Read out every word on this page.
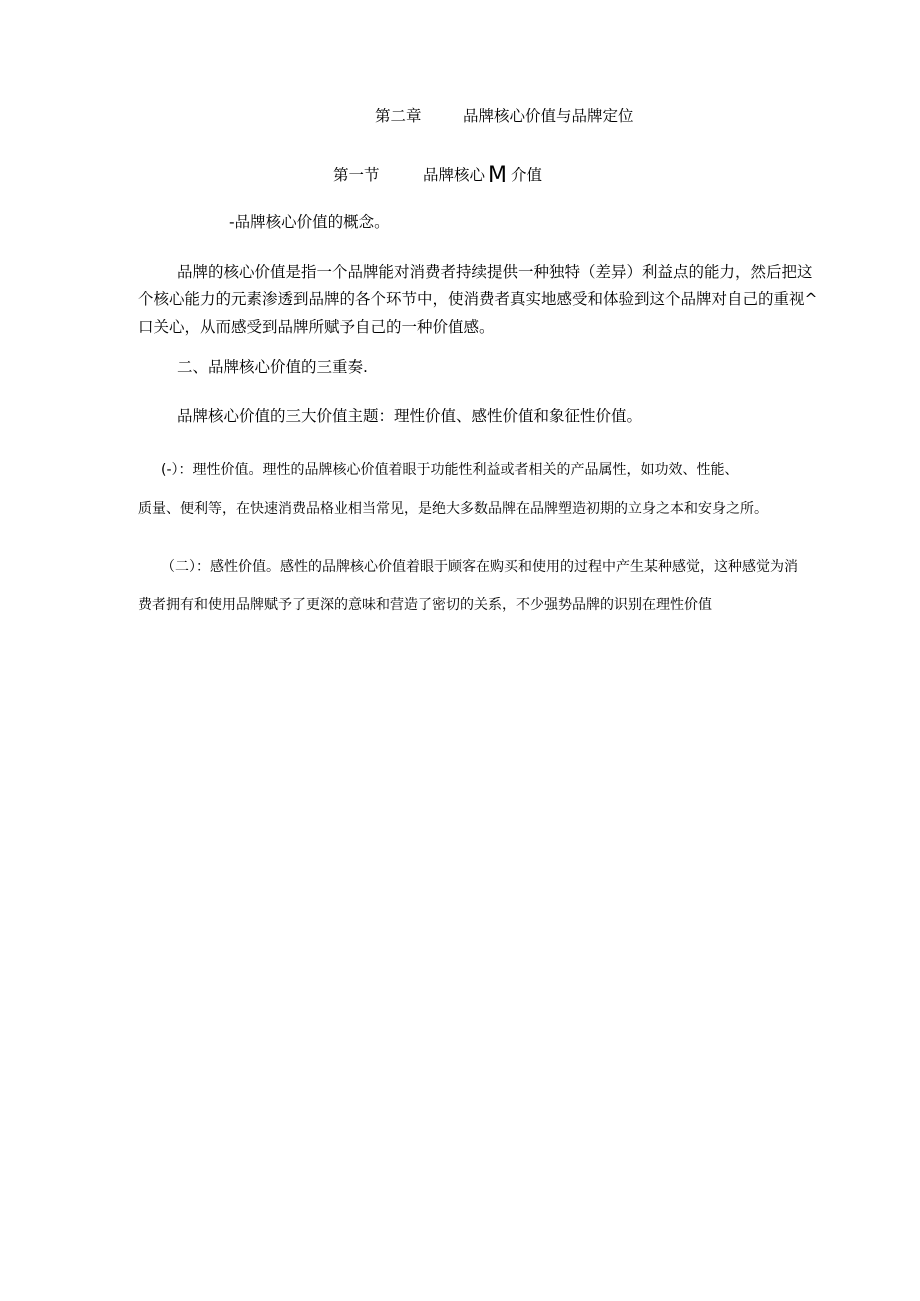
第二章	品牌核心价值与品牌定位
第一节	品牌核心 M 介值
-品牌核心价值的概念。
品牌的核心价值是指一个品牌能对消费者持续提供一种独特（差异）利益点的能力，然后把这
个核心能力的元素渗透到品牌的各个环节中，使消费者真实地感受和体验到这个品牌对自己的重视^
口关心，从而感受到品牌所赋予自己的一种价值感。
二、品牌核心价值的三重奏.
品牌核心价值的三大价值主题：理性价值、感性价值和象征性价值。
(-）：理性价值。理性的品牌核心价值着眼于功能性利益或者相关的产品属性，如功效、性能、
质量、便利等，在快速消费品格业相当常见，是绝大多数品牌在品牌塑造初期的立身之本和安身之所。
（二）：感性价值。感性的品牌核心价值着眼于顾客在购买和使用的过程中产生某种感觉，这种感觉为消
费者拥有和使用品牌赋予了更深的意味和营造了密切的关系，不少强势品牌的识别在理性价值
